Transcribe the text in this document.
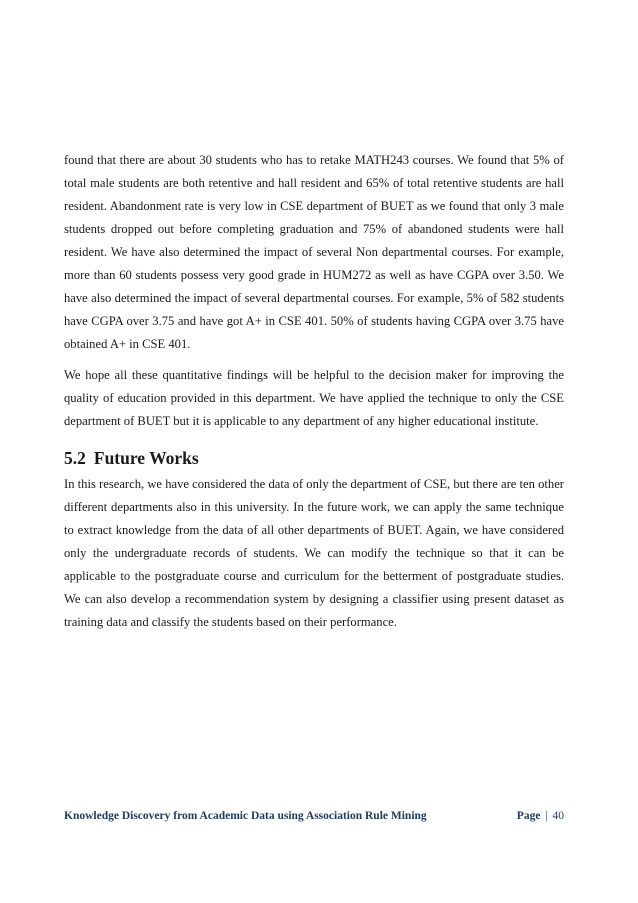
found that there are about 30 students who has to retake MATH243 courses. We found that 5% of total male students are both retentive and hall resident and 65% of total retentive students are hall resident. Abandonment rate is very low in CSE department of BUET as we found that only 3 male students dropped out before completing graduation and 75% of abandoned students were hall resident. We have also determined the impact of several Non departmental courses. For example, more than 60 students possess very good grade in HUM272 as well as have CGPA over 3.50. We have also determined the impact of several departmental courses. For example, 5% of 582 students have CGPA over 3.75 and have got A+ in CSE 401. 50% of students having CGPA over 3.75 have obtained A+ in CSE 401.

We hope all these quantitative findings will be helpful to the decision maker for improving the quality of education provided in this department. We have applied the technique to only the CSE department of BUET but it is applicable to any department of any higher educational institute.

5.2 Future Works

In this research, we have considered the data of only the department of CSE, but there are ten other different departments also in this university. In the future work, we can apply the same technique to extract knowledge from the data of all other departments of BUET. Again, we have considered only the undergraduate records of students. We can modify the technique so that it can be applicable to the postgraduate course and curriculum for the betterment of postgraduate studies. We can also develop a recommendation system by designing a classifier using present dataset as training data and classify the students based on their performance.

Knowledge Discovery from Academic Data using Association Rule Mining	Page | 40
